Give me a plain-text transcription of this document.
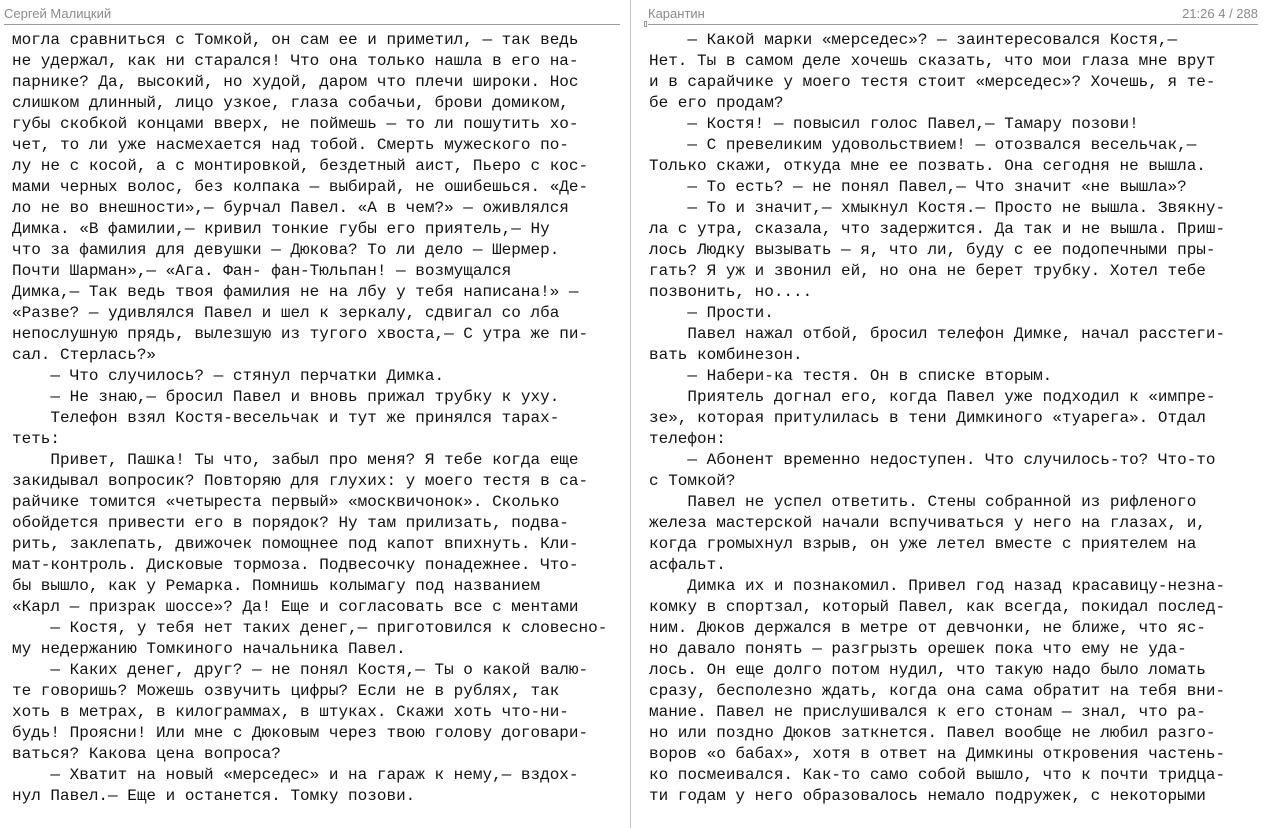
Сергей Малицкий
могла сравниться с Томкой, он сам ее и приметил, — так ведь
не удержал, как ни старался! Что она только нашла в его на-
парнике? Да, высокий, но худой, даром что плечи широки. Нос
слишком длинный, лицо узкое, глаза собачьи, брови домиком,
губы скобкой концами вверх, не поймешь — то ли пошутить хо-
чет, то ли уже насмехается над тобой. Смерть мужеского по-
лу не с косой, а с монтировкой, бездетный аист, Пьеро с кос-
мами черных волос, без колпака — выбирай, не ошибешься. «Де-
ло не во внешности»,— бурчал Павел. «А в чем?» — оживлялся
Димка. «В фамилии,— кривил тонкие губы его приятель,— Ну
что за фамилия для девушки — Дюкова? То ли дело — Шермер.
Почти Шарман»,— «Ага. Фан- фан-Тюльпан! — возмущался
Димка,— Так ведь твоя фамилия не на лбу у тебя написана!» —
«Разве? — удивлялся Павел и шел к зеркалу, сдвигал со лба
непослушную прядь, вылезшую из тугого хвоста,— С утра же пи-
сал. Стерлась?»
— Что случилось? — стянул перчатки Димка.
— Не знаю,— бросил Павел и вновь прижал трубку к уху.
Телефон взял Костя-весельчак и тут же принялся тарах-
теть:
Привет, Пашка! Ты что, забыл про меня? Я тебе когда еще
закидывал вопросик? Повторяю для глухих: у моего тестя в са-
райчике томится «четыреста первый» «москвичонок». Сколько
обойдется привести его в порядок? Ну там прилизать, подва-
рить, заклепать, движочек помощнее под капот впихнуть. Кли-
мат-контроль. Дисковые тормоза. Подвесочку понадежнее. Что-
бы вышло, как у Ремарка. Помнишь колымагу под названием
«Карл — призрак шоссе»? Да! Еще и согласовать все с ментами
— Костя, у тебя нет таких денег,— приготовился к словесно-
му недержанию Томкиного начальника Павел.
— Каких денег, друг? — не понял Костя,— Ты о какой валю-
те говоришь? Можешь озвучить цифры? Если не в рублях, так
хоть в метрах, в килограммах, в штуках. Скажи хоть что-ни-
будь! Проясни! Или мне с Дюковым через твою голову договари-
ваться? Какова цена вопроса?
— Хватит на новый «мерседес» и на гараж к нему,— вздох-
нул Павел.— Еще и останется. Томку позови.
Карантин	21:26 4 / 288
— Какой марки «мерседес»? — заинтересовался Костя,—
Нет. Ты в самом деле хочешь сказать, что мои глаза мне врут
и в сарайчике у моего тестя стоит «мерседес»? Хочешь, я те-
бе его продам?
— Костя! — повысил голос Павел,— Тамару позови!
— С превеликим удовольствием! — отозвался весельчак,—
Только скажи, откуда мне ее позвать. Она сегодня не вышла.
— То есть? — не понял Павел,— Что значит «не вышла»?
— То и значит,— хмыкнул Костя.— Просто не вышла. Звякну-
ла с утра, сказала, что задержится. Да так и не вышла. Приш-
лось Людку вызывать — я, что ли, буду с ее подопечными пры-
гать? Я уж и звонил ей, но она не берет трубку. Хотел тебе
позвонить, но....
— Прости.
Павел нажал отбой, бросил телефон Димке, начал расстеги-
вать комбинезон.
— Набери-ка тестя. Он в списке вторым.
Приятель догнал его, когда Павел уже подходил к «импре-
зе», которая притулилась в тени Димкиного «туарега». Отдал
телефон:
— Абонент временно недоступен. Что случилось-то? Что-то
с Томкой?
Павел не успел ответить. Стены собранной из рифленого
железа мастерской начали вспучиваться у него на глазах, и,
когда громыхнул взрыв, он уже летел вместе с приятелем на
асфальт.
Димка их и познакомил. Привел год назад красавицу-незна-
комку в спортзал, который Павел, как всегда, покидал послед-
ним. Дюков держался в метре от девчонки, не ближе, что яс-
но давало понять — разгрызть орешек пока что ему не уда-
лось. Он еще долго потом нудил, что такую надо было ломать
сразу, бесполезно ждать, когда она сама обратит на тебя вни-
мание. Павел не прислушивался к его стонам — знал, что ра-
но или поздно Дюков заткнется. Павел вообще не любил разго-
воров «о бабах», хотя в ответ на Димкины откровения частень-
ко посмеивался. Как-то само собой вышло, что к почти тридца-
ти годам у него образовалось немало подружек, с некоторыми
